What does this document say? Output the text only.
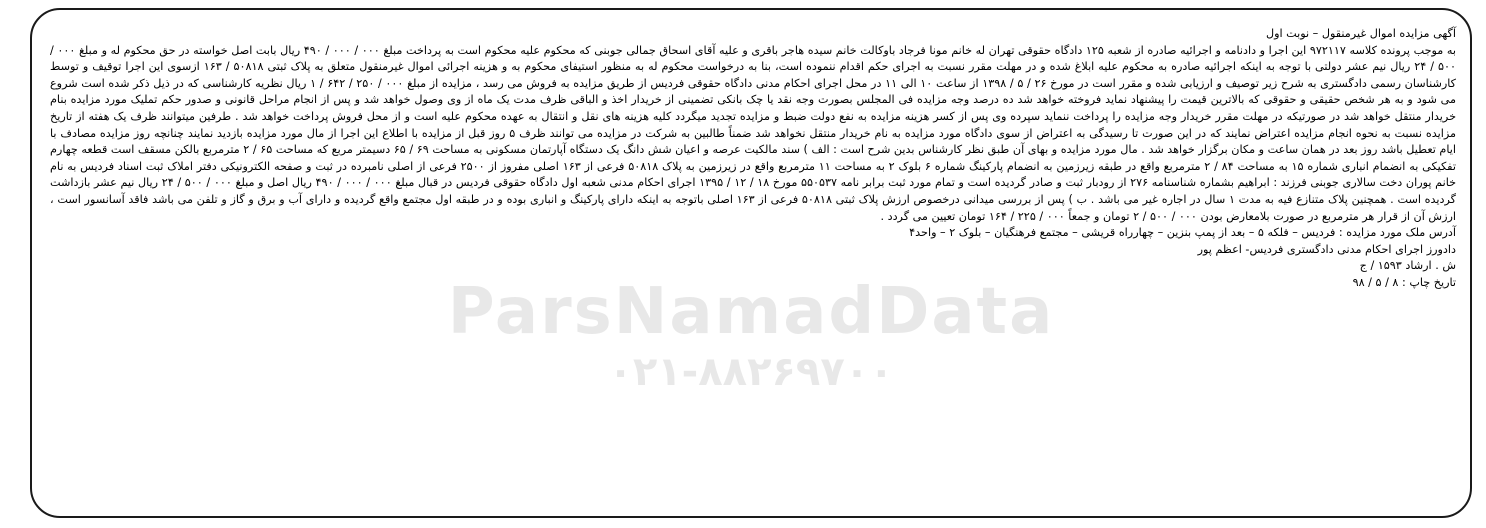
ParsNamadData
۰۲۱-۸۸۲۶۹۷۰۰

آگهی مزایده اموال غیرمنقول – نوبت اول

به موجب پرونده کلاسه ۹۷۲۱۱۷ این اجرا و دادنامه و اجرائیه صادره از شعبه ۱۲۵ دادگاه حقوقی تهران له خانم مونا فرجاد باوکالت خانم سیده هاجر باقری و علیه آقای اسحاق جمالی جوبنی که محکوم علیه محکوم است به پرداخت مبلغ ۰۰۰ / ۰۰۰ / ۴۹۰ ریال بابت اصل خواسته در حق محکوم له و مبلغ ۰۰۰ / ۵۰۰ / ۲۴ ریال نیم عشر دولتی با توجه به اینکه اجرائیه صادره به محکوم علیه ابلاغ شده و در مهلت مقرر نسبت به اجرای حکم اقدام ننموده است، بنا به درخواست محکوم له به منظور استیفای محکوم به و هزینه اجرائی اموال غیرمنقول متعلق به پلاک ثبتی ۵۰۸۱۸ / ۱۶۳ ازسوی این اجرا توقیف و توسط کارشناسان رسمی دادگستری به شرح زیر توصیف و ارزیابی شده و مقرر است در مورخ ۲۶ / ۵ / ۱۳۹۸ از ساعت ۱۰ الی ۱۱ در محل اجرای احکام مدنی دادگاه حقوقی فردیس از طریق مزایده به فروش می رسد ، مزایده از مبلغ ۰۰۰ / ۲۵۰ / ۶۴۲ / ۱ ریال نظریه کارشناسی که در ذیل ذکر شده است شروع می شود و به هر شخص حقیقی و حقوقی که بالاترین قیمت را پیشنهاد نماید فروخته خواهد شد ده درصد وجه مزایده فی المجلس بصورت وجه نقد یا چک بانکی تضمینی از خریدار اخذ و الباقی ظرف مدت یک ماه از وی وصول خواهد شد و پس از انجام مراحل قانونی و صدور حکم تملیک مورد مزایده بنام خریدار منتقل خواهد شد در صورتیکه در مهلت مقرر خریدار وجه مزایده را پرداخت ننماید سپرده وی پس از کسر هزینه مزایده به نفع دولت ضبط و مزایده تجدید میگردد کلیه هزینه های نقل و انتقال به عهده محکوم علیه است و از محل فروش پرداخت خواهد شد . طرفین میتوانند ظرف یک هفته از تاریخ مزایده نسبت به نحوه انجام مزایده اعتراض نمایند که در این صورت تا رسیدگی به اعتراض از سوی دادگاه مورد مزایده به نام خریدار منتقل نخواهد شد ضمناً طالبین به شرکت در مزایده می توانند ظرف ۵ روز قبل از مزایده با اطلاع این اجرا از مال مورد مزایده بازدید نمایند چنانچه روز مزایده مصادف با ایام تعطیل باشد روز بعد در همان ساعت و مکان برگزار خواهد شد . مال مورد مزایده و بهای آن طبق نظر کارشناس بدین شرح است : الف ) سند مالکیت عرصه و اعیان شش دانگ یک دستگاه آپارتمان مسکونی به مساحت ۶۹ / ۶۵ دسیمتر مربع که مساحت ۶۵ / ۲ مترمربع بالکن مسقف است قطعه چهارم تفکیکی به انضمام انباری شماره ۱۵ به مساحت ۸۴ / ۲ مترمربع واقع در طبقه زیرزمین به انضمام پارکینگ شماره ۶ بلوک ۲ به مساحت ۱۱ مترمربع واقع در زیرزمین به پلاک ۵۰۸۱۸ فرعی از ۱۶۳ اصلی مفروز از ۲۵۰۰ فرعی از اصلی نامبرده در ثبت و صفحه الکترونیکی دفتر املاک ثبت اسناد فردیس به نام خانم پوران دخت سالاری جوبنی فرزند : ابراهیم بشماره شناسنامه ۲۷۶ از رودبار ثبت و صادر گردیده است و تمام مورد ثبت برابر نامه ۵۵۰۵۳۷ مورخ ۱۸ / ۱۲ / ۱۳۹۵ اجرای احکام مدنی شعبه اول دادگاه حقوقی فردیس در قبال مبلغ ۰۰۰ / ۰۰۰ / ۴۹۰ ریال اصل و مبلغ ۰۰۰ / ۵۰۰ / ۲۴ ریال نیم عشر بازداشت گردیده است . همچنین پلاک متنازع فیه به مدت ۱ سال در اجاره غیر می باشد . ب ) پس از بررسی میدانی درخصوص ارزش پلاک ثبتی ۵۰۸۱۸ فرعی از ۱۶۳ اصلی باتوجه به اینکه دارای پارکینگ و انباری بوده و در طبقه اول مجتمع واقع گردیده و دارای آب و برق و گاز و تلفن می باشد فاقد آسانسور است ، ارزش آن از قرار هر مترمربع در صورت بلامعارض بودن ۰۰۰ / ۵۰۰ / ۲ تومان و جمعاً ۰۰۰ / ۲۲۵ / ۱۶۴ تومان تعیین می گردد .

آدرس ملک مورد مزایده : فردیس – فلکه ۵ – بعد از پمپ بنزین – چهارراه قریشی – مجتمع فرهنگیان – بلوک ۲ – واحد۴

دادورز اجرای احکام مدنی دادگستری فردیس- اعظم پور

ش . ارشاد ۱۵۹۳ / ج

تاریخ چاپ : ۸ / ۵ / ۹۸
